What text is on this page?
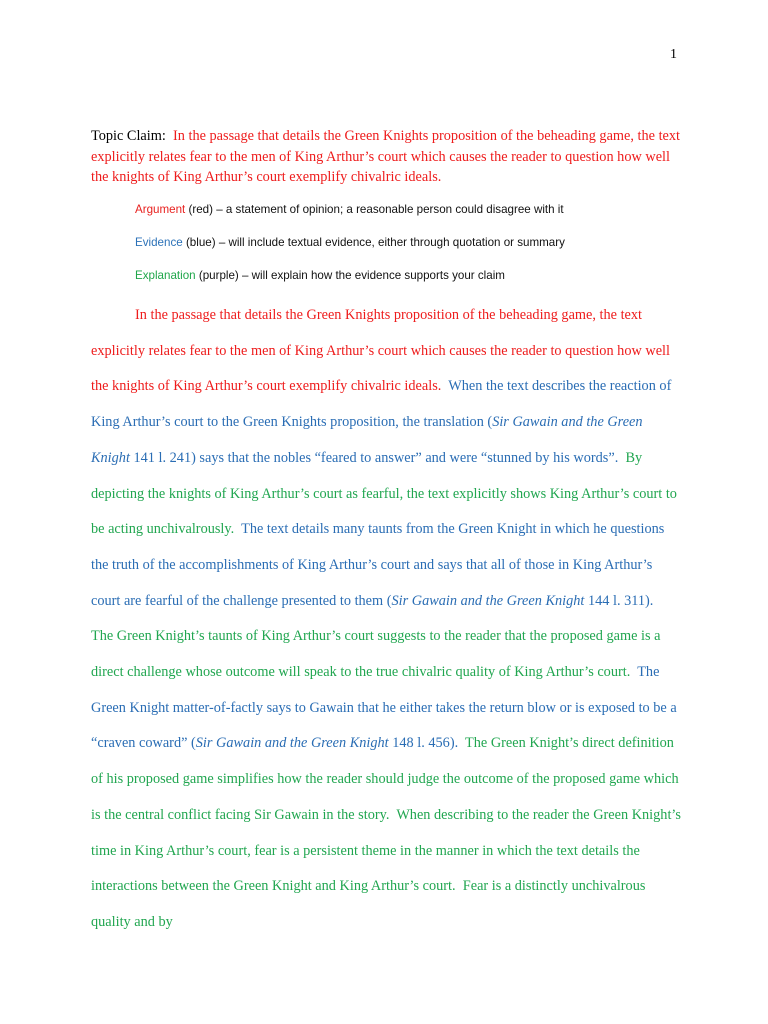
1
Topic Claim: In the passage that details the Green Knights proposition of the beheading game, the text explicitly relates fear to the men of King Arthur’s court which causes the reader to question how well the knights of King Arthur’s court exemplify chivalric ideals.
Argument (red) – a statement of opinion; a reasonable person could disagree with it
Evidence (blue) – will include textual evidence, either through quotation or summary
Explanation (purple) – will explain how the evidence supports your claim

In the passage that details the Green Knights proposition of the beheading game, the text explicitly relates fear to the men of King Arthur’s court which causes the reader to question how well the knights of King Arthur’s court exemplify chivalric ideals. When the text describes the reaction of King Arthur’s court to the Green Knights proposition, the translation (Sir Gawain and the Green Knight 141 l. 241) says that the nobles “feared to answer” and were “stunned by his words”. By depicting the knights of King Arthur’s court as fearful, the text explicitly shows King Arthur’s court to be acting unchivalrously. The text details many taunts from the Green Knight in which he questions the truth of the accomplishments of King Arthur’s court and says that all of those in King Arthur’s court are fearful of the challenge presented to them (Sir Gawain and the Green Knight 144 l. 311).  The Green Knight’s taunts of King Arthur’s court suggests to the reader that the proposed game is a direct challenge whose outcome will speak to the true chivalric quality of King Arthur’s court. The Green Knight matter-of-factly says to Gawain that he either takes the return blow or is exposed to be a “craven coward” (Sir Gawain and the Green Knight 148 l. 456). The Green Knight’s direct definition of his proposed game simplifies how the reader should judge the outcome of the proposed game which is the central conflict facing Sir Gawain in the story. When describing to the reader the Green Knight’s time in King Arthur’s court, fear is a persistent theme in the manner in which the text details the interactions between the Green Knight and King Arthur’s court. Fear is a distinctly unchivalrous quality and by
